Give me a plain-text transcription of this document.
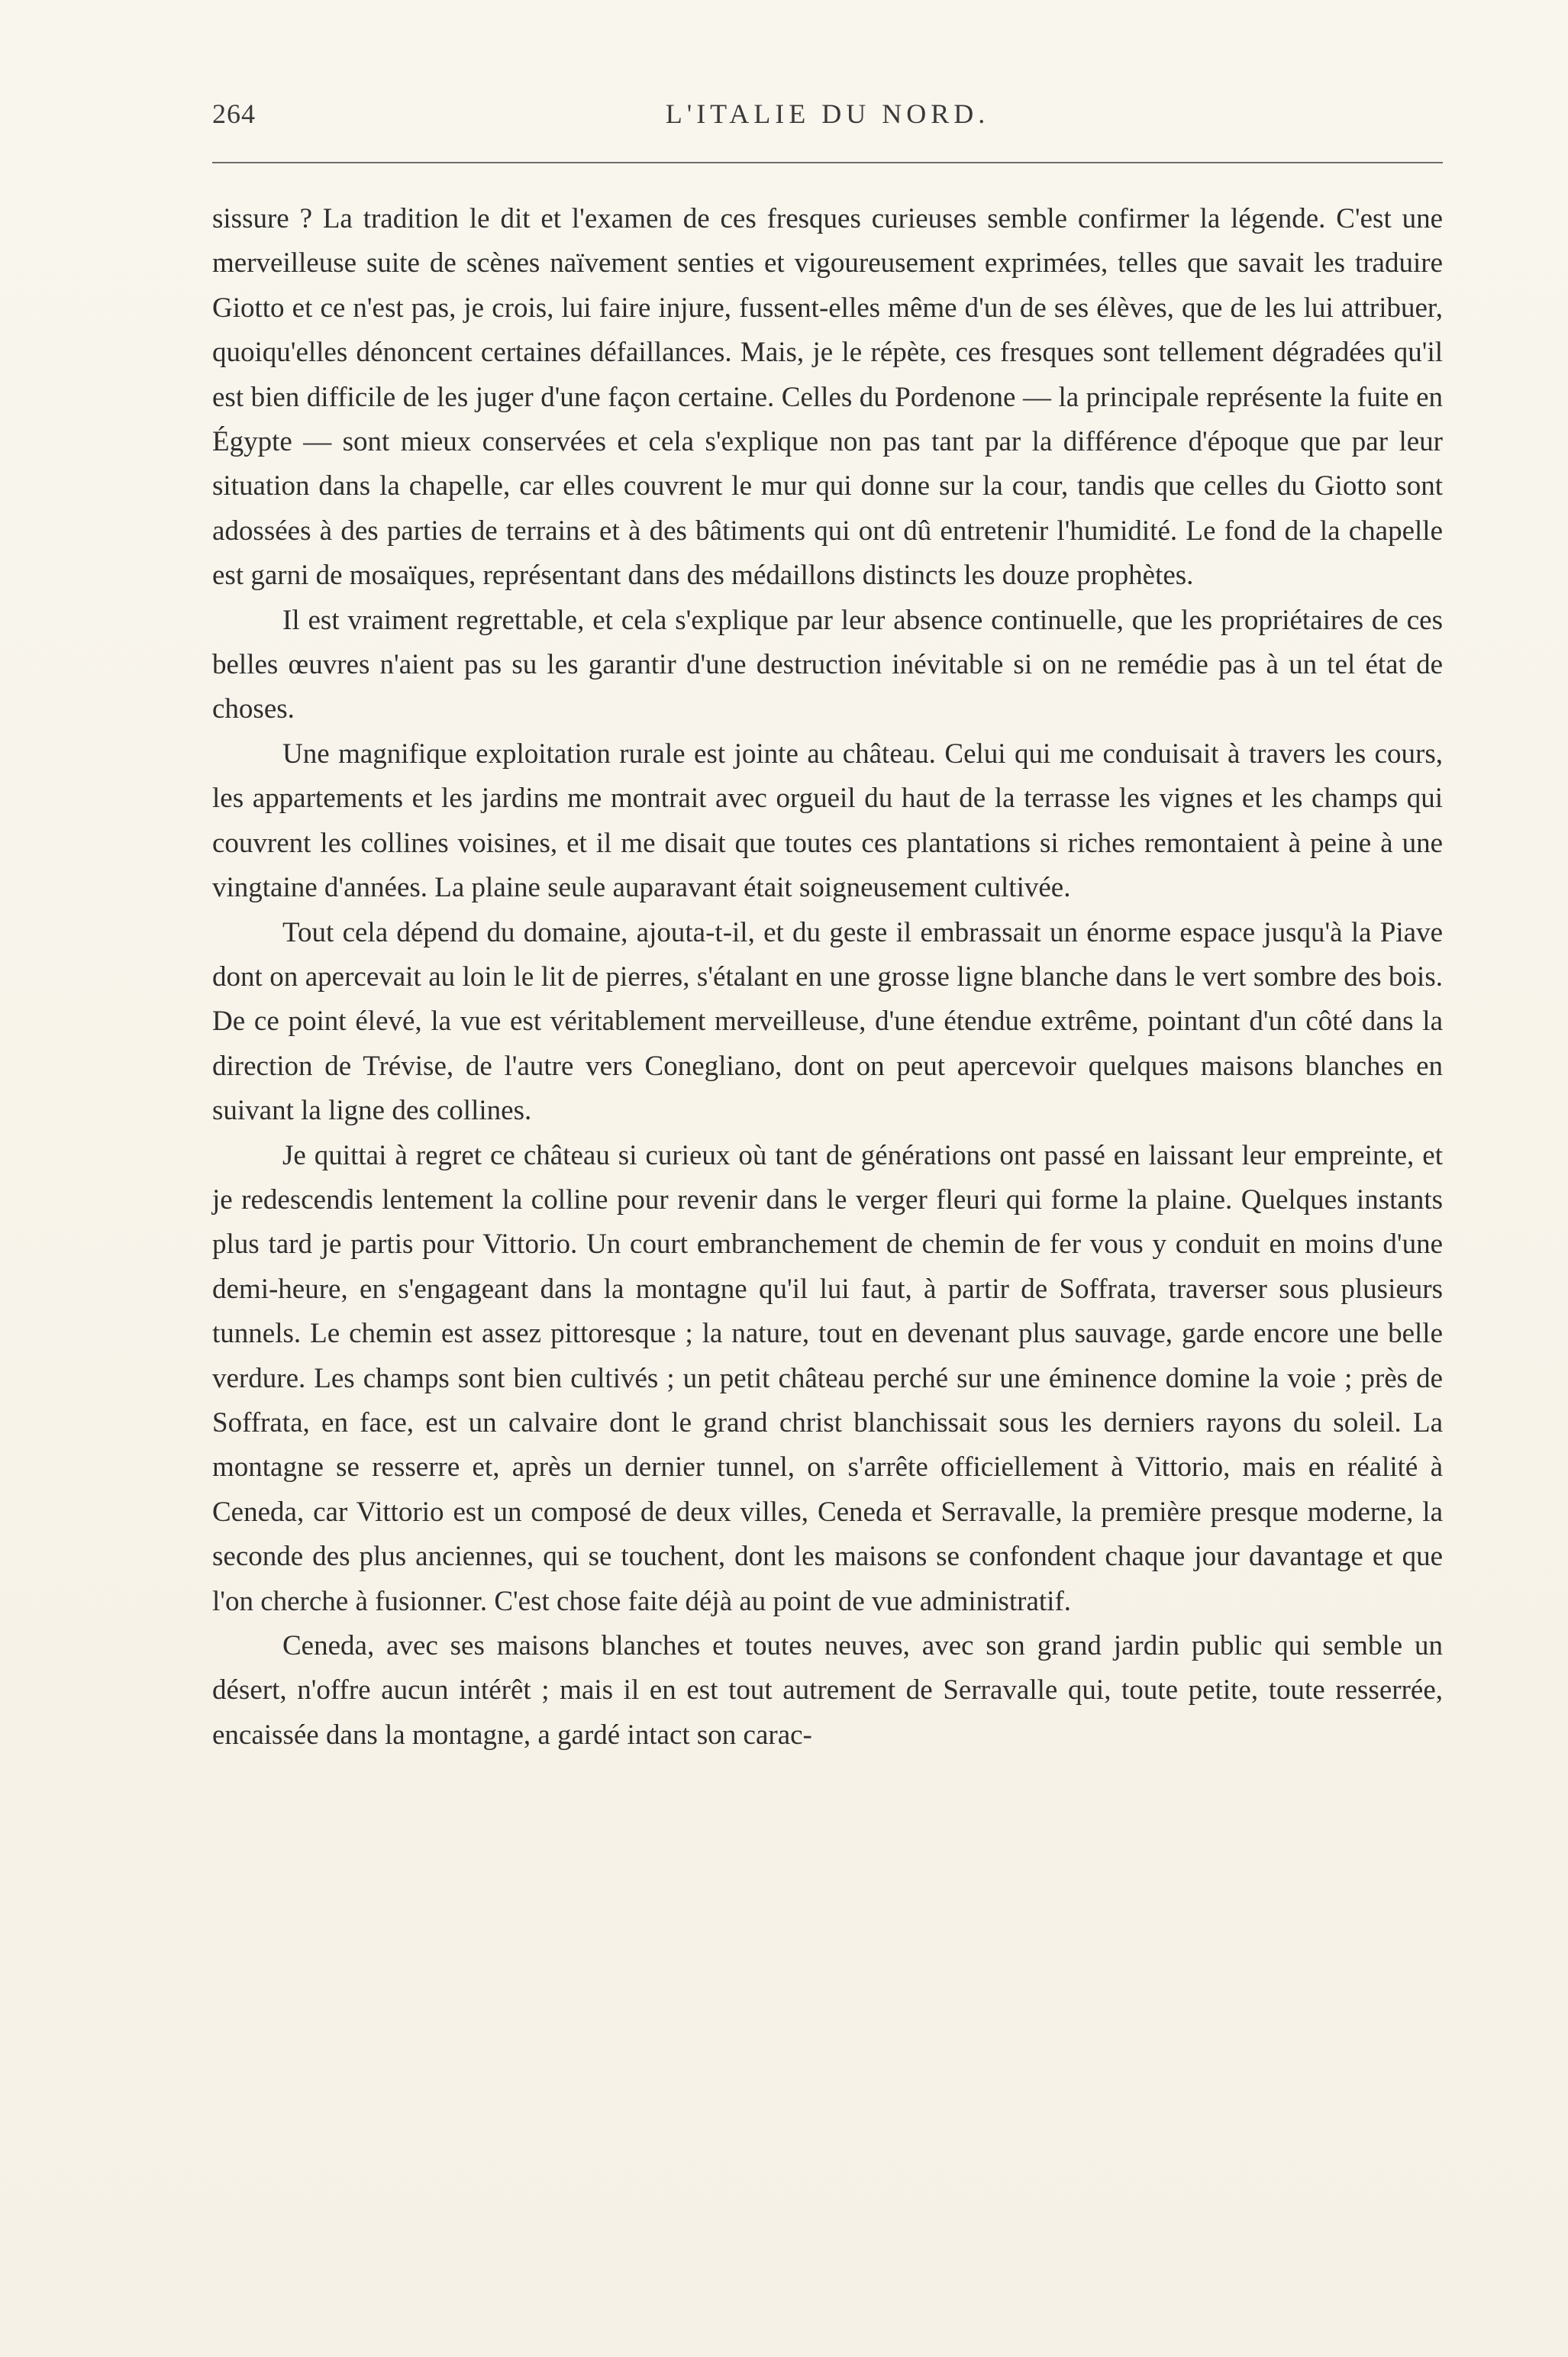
264	L'ITALIE DU NORD.

sissure ? La tradition le dit et l'examen de ces fresques curieuses semble confirmer la légende. C'est une merveilleuse suite de scènes naïvement senties et vigoureusement exprimées, telles que savait les traduire Giotto et ce n'est pas, je crois, lui faire injure, fussent-elles même d'un de ses élèves, que de les lui attribuer, quoiqu'elles dénoncent certaines défaillances. Mais, je le répète, ces fresques sont tellement dégradées qu'il est bien difficile de les juger d'une façon certaine. Celles du Pordenone — la principale représente la fuite en Égypte — sont mieux conservées et cela s'explique non pas tant par la différence d'époque que par leur situation dans la chapelle, car elles couvrent le mur qui donne sur la cour, tandis que celles du Giotto sont adossées à des parties de terrains et à des bâtiments qui ont dû entretenir l'humidité. Le fond de la chapelle est garni de mosaïques, représentant dans des médaillons distincts les douze prophètes.

Il est vraiment regrettable, et cela s'explique par leur absence continuelle, que les propriétaires de ces belles œuvres n'aient pas su les garantir d'une destruction inévitable si on ne remédie pas à un tel état de choses.

Une magnifique exploitation rurale est jointe au château. Celui qui me conduisait à travers les cours, les appartements et les jardins me montrait avec orgueil du haut de la terrasse les vignes et les champs qui couvrent les collines voisines, et il me disait que toutes ces plantations si riches remontaient à peine à une vingtaine d'années. La plaine seule auparavant était soigneusement cultivée.

Tout cela dépend du domaine, ajouta-t-il, et du geste il embrassait un énorme espace jusqu'à la Piave dont on apercevait au loin le lit de pierres, s'étalant en une grosse ligne blanche dans le vert sombre des bois. De ce point élevé, la vue est véritablement merveilleuse, d'une étendue extrême, pointant d'un côté dans la direction de Trévise, de l'autre vers Conegliano, dont on peut apercevoir quelques maisons blanches en suivant la ligne des collines.

Je quittai à regret ce château si curieux où tant de générations ont passé en laissant leur empreinte, et je redescendis lentement la colline pour revenir dans le verger fleuri qui forme la plaine. Quelques instants plus tard je partis pour Vittorio. Un court embranchement de chemin de fer vous y conduit en moins d'une demi-heure, en s'engageant dans la montagne qu'il lui faut, à partir de Soffrata, traverser sous plusieurs tunnels. Le chemin est assez pittoresque ; la nature, tout en devenant plus sauvage, garde encore une belle verdure. Les champs sont bien cultivés ; un petit château perché sur une éminence domine la voie ; près de Soffrata, en face, est un calvaire dont le grand christ blanchissait sous les derniers rayons du soleil. La montagne se resserre et, après un dernier tunnel, on s'arrête officiellement à Vittorio, mais en réalité à Ceneda, car Vittorio est un composé de deux villes, Ceneda et Serravalle, la première presque moderne, la seconde des plus anciennes, qui se touchent, dont les maisons se confondent chaque jour davantage et que l'on cherche à fusionner. C'est chose faite déjà au point de vue administratif.

Ceneda, avec ses maisons blanches et toutes neuves, avec son grand jardin public qui semble un désert, n'offre aucun intérêt ; mais il en est tout autrement de Serravalle qui, toute petite, toute resserrée, encaissée dans la montagne, a gardé intact son carac-
